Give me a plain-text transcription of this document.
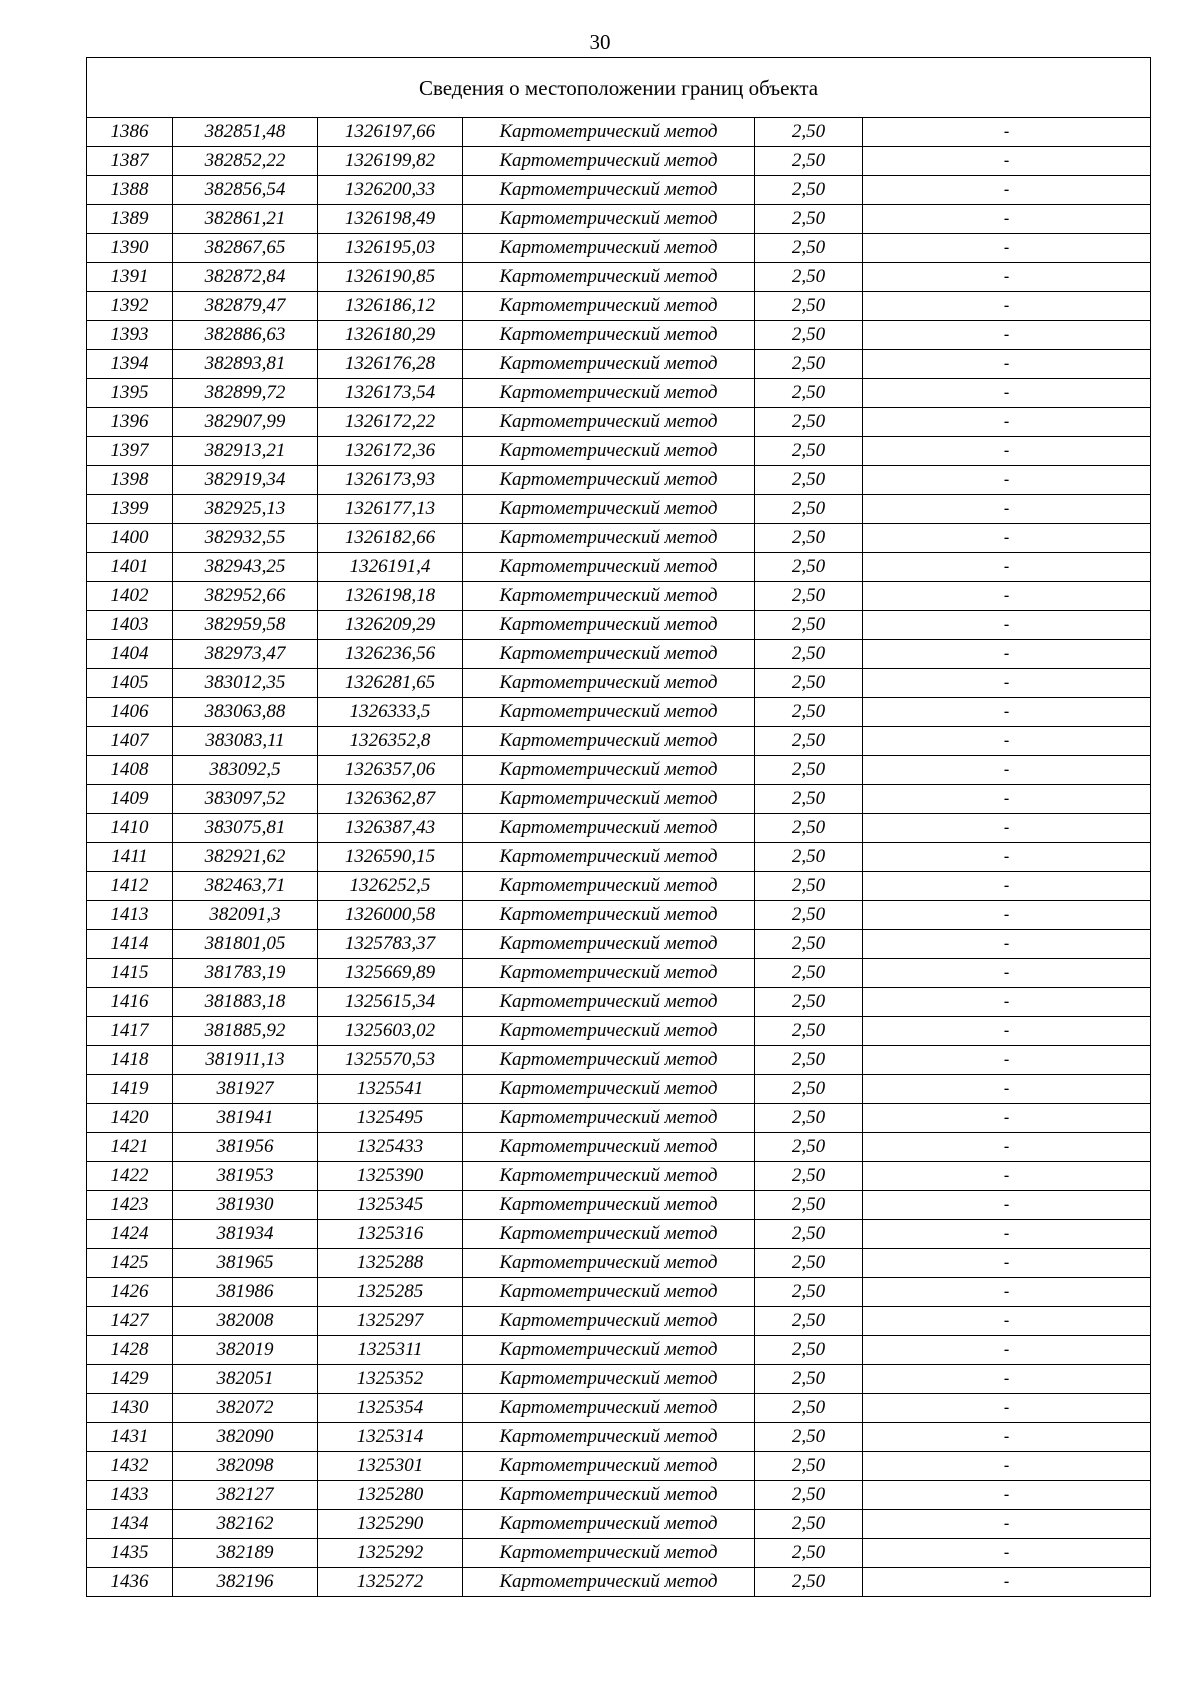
30
Сведения о местоположении границ объекта					
1386	382851,48	1326197,66	Картометрический метод	2,50	-
1387	382852,22	1326199,82	Картометрический метод	2,50	-
1388	382856,54	1326200,33	Картометрический метод	2,50	-
1389	382861,21	1326198,49	Картометрический метод	2,50	-
1390	382867,65	1326195,03	Картометрический метод	2,50	-
1391	382872,84	1326190,85	Картометрический метод	2,50	-
1392	382879,47	1326186,12	Картометрический метод	2,50	-
1393	382886,63	1326180,29	Картометрический метод	2,50	-
1394	382893,81	1326176,28	Картометрический метод	2,50	-
1395	382899,72	1326173,54	Картометрический метод	2,50	-
1396	382907,99	1326172,22	Картометрический метод	2,50	-
1397	382913,21	1326172,36	Картометрический метод	2,50	-
1398	382919,34	1326173,93	Картометрический метод	2,50	-
1399	382925,13	1326177,13	Картометрический метод	2,50	-
1400	382932,55	1326182,66	Картометрический метод	2,50	-
1401	382943,25	1326191,4	Картометрический метод	2,50	-
1402	382952,66	1326198,18	Картометрический метод	2,50	-
1403	382959,58	1326209,29	Картометрический метод	2,50	-
1404	382973,47	1326236,56	Картометрический метод	2,50	-
1405	383012,35	1326281,65	Картометрический метод	2,50	-
1406	383063,88	1326333,5	Картометрический метод	2,50	-
1407	383083,11	1326352,8	Картометрический метод	2,50	-
1408	383092,5	1326357,06	Картометрический метод	2,50	-
1409	383097,52	1326362,87	Картометрический метод	2,50	-
1410	383075,81	1326387,43	Картометрический метод	2,50	-
1411	382921,62	1326590,15	Картометрический метод	2,50	-
1412	382463,71	1326252,5	Картометрический метод	2,50	-
1413	382091,3	1326000,58	Картометрический метод	2,50	-
1414	381801,05	1325783,37	Картометрический метод	2,50	-
1415	381783,19	1325669,89	Картометрический метод	2,50	-
1416	381883,18	1325615,34	Картометрический метод	2,50	-
1417	381885,92	1325603,02	Картометрический метод	2,50	-
1418	381911,13	1325570,53	Картометрический метод	2,50	-
1419	381927	1325541	Картометрический метод	2,50	-
1420	381941	1325495	Картометрический метод	2,50	-
1421	381956	1325433	Картометрический метод	2,50	-
1422	381953	1325390	Картометрический метод	2,50	-
1423	381930	1325345	Картометрический метод	2,50	-
1424	381934	1325316	Картометрический метод	2,50	-
1425	381965	1325288	Картометрический метод	2,50	-
1426	381986	1325285	Картометрический метод	2,50	-
1427	382008	1325297	Картометрический метод	2,50	-
1428	382019	1325311	Картометрический метод	2,50	-
1429	382051	1325352	Картометрический метод	2,50	-
1430	382072	1325354	Картометрический метод	2,50	-
1431	382090	1325314	Картометрический метод	2,50	-
1432	382098	1325301	Картометрический метод	2,50	-
1433	382127	1325280	Картометрический метод	2,50	-
1434	382162	1325290	Картометрический метод	2,50	-
1435	382189	1325292	Картометрический метод	2,50	-
1436	382196	1325272	Картометрический метод	2,50	-
